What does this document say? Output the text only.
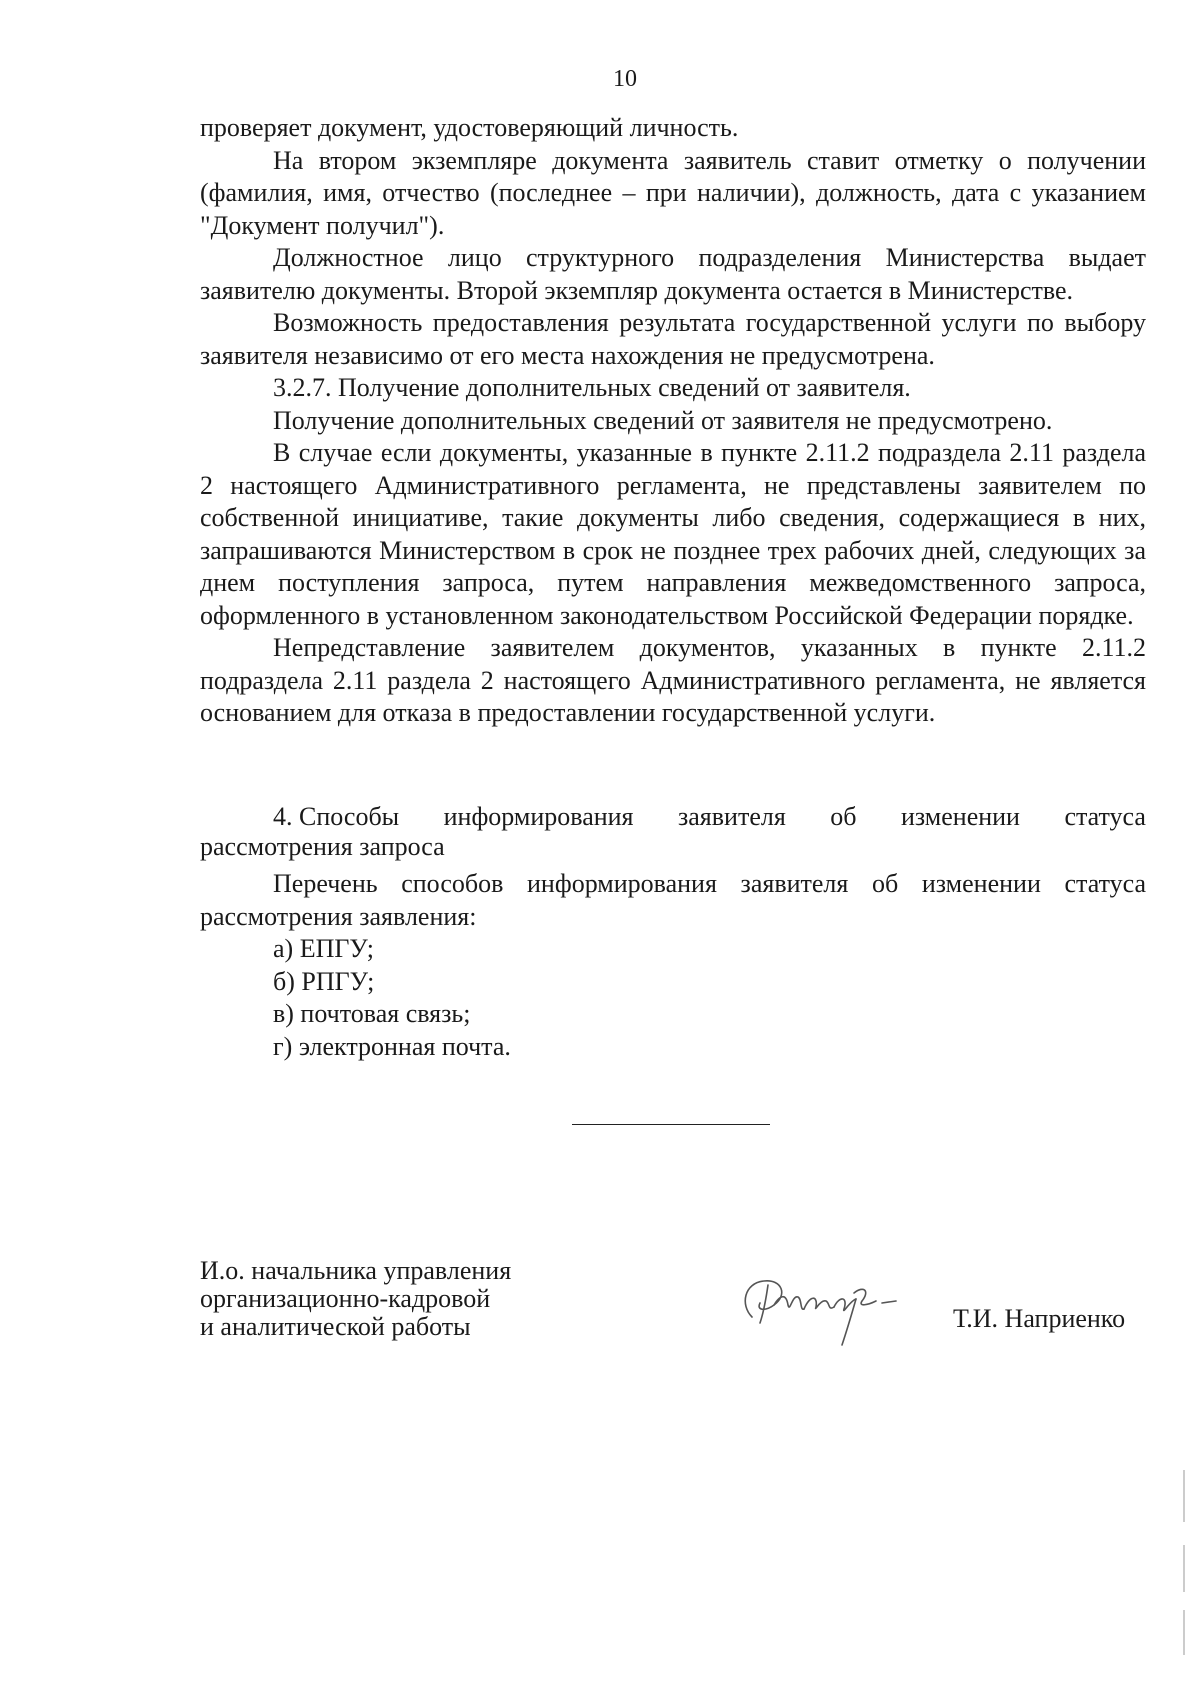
10

проверяет документ, удостоверяющий личность.

На втором экземпляре документа заявитель ставит отметку о получении (фамилия, имя, отчество (последнее – при наличии), должность, дата с указанием "Документ получил").

Должностное лицо структурного подразделения Министерства выдает заявителю документы. Второй экземпляр документа остается в Министерстве.

Возможность предоставления результата государственной услуги по выбору заявителя независимо от его места нахождения не предусмотрена.

3.2.7. Получение дополнительных сведений от заявителя.

Получение дополнительных сведений от заявителя не предусмотрено.

В случае если документы, указанные в пункте 2.11.2 подраздела 2.11 раздела 2 настоящего Административного регламента, не представлены заявителем по собственной инициативе, такие документы либо сведения, содержащиеся в них, запрашиваются Министерством в срок не позднее трех рабочих дней, следующих за днем поступления запроса, путем направления межведомственного запроса, оформленного в установленном законодательством Российской Федерации порядке.

Непредставление заявителем документов, указанных в пункте 2.11.2 подраздела 2.11 раздела 2 настоящего Административного регламента, не является основанием для отказа в предоставлении государственной услуги.

4. Способы информирования заявителя об изменении статуса
рассмотрения запроса

Перечень способов информирования заявителя об изменении статуса рассмотрения заявления:

а) ЕПГУ;
б) РПГУ;
в) почтовая связь;
г) электронная почта.
И.о. начальника управления
организационно-кадровой
и аналитической работы	Т.И. Наприенко
